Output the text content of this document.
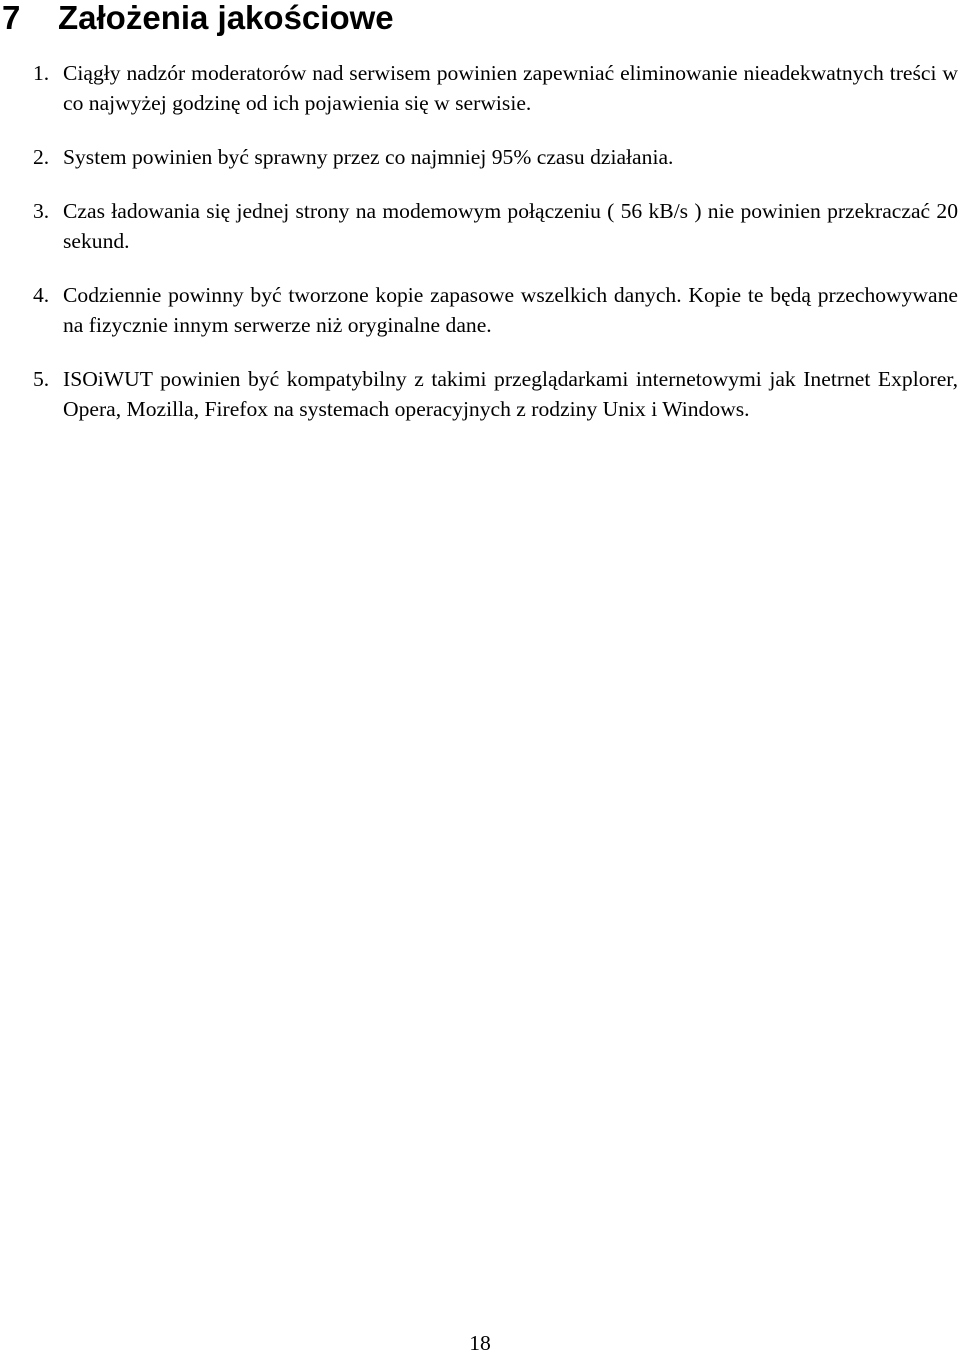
7 Założenia jakościowe
1. Ciągły nadzór moderatorów nad serwisem powinien zapewniać eliminowanie nieadekwatnych treści w co najwyżej godzinę od ich pojawienia się w serwisie.
2. System powinien być sprawny przez co najmniej 95% czasu działania.
3. Czas ładowania się jednej strony na modemowym połączeniu ( 56 kB/s ) nie powinien przekraczać 20 sekund.
4. Codziennie powinny być tworzone kopie zapasowe wszelkich danych. Kopie te będą przechowywane na fizycznie innym serwerze niż oryginalne dane.
5. ISOiWUT powinien być kompatybilny z takimi przeglądarkami internetowymi jak Inetrnet Explorer, Opera, Mozilla, Firefox na systemach operacyjnych z rodziny Unix i Windows.
18
